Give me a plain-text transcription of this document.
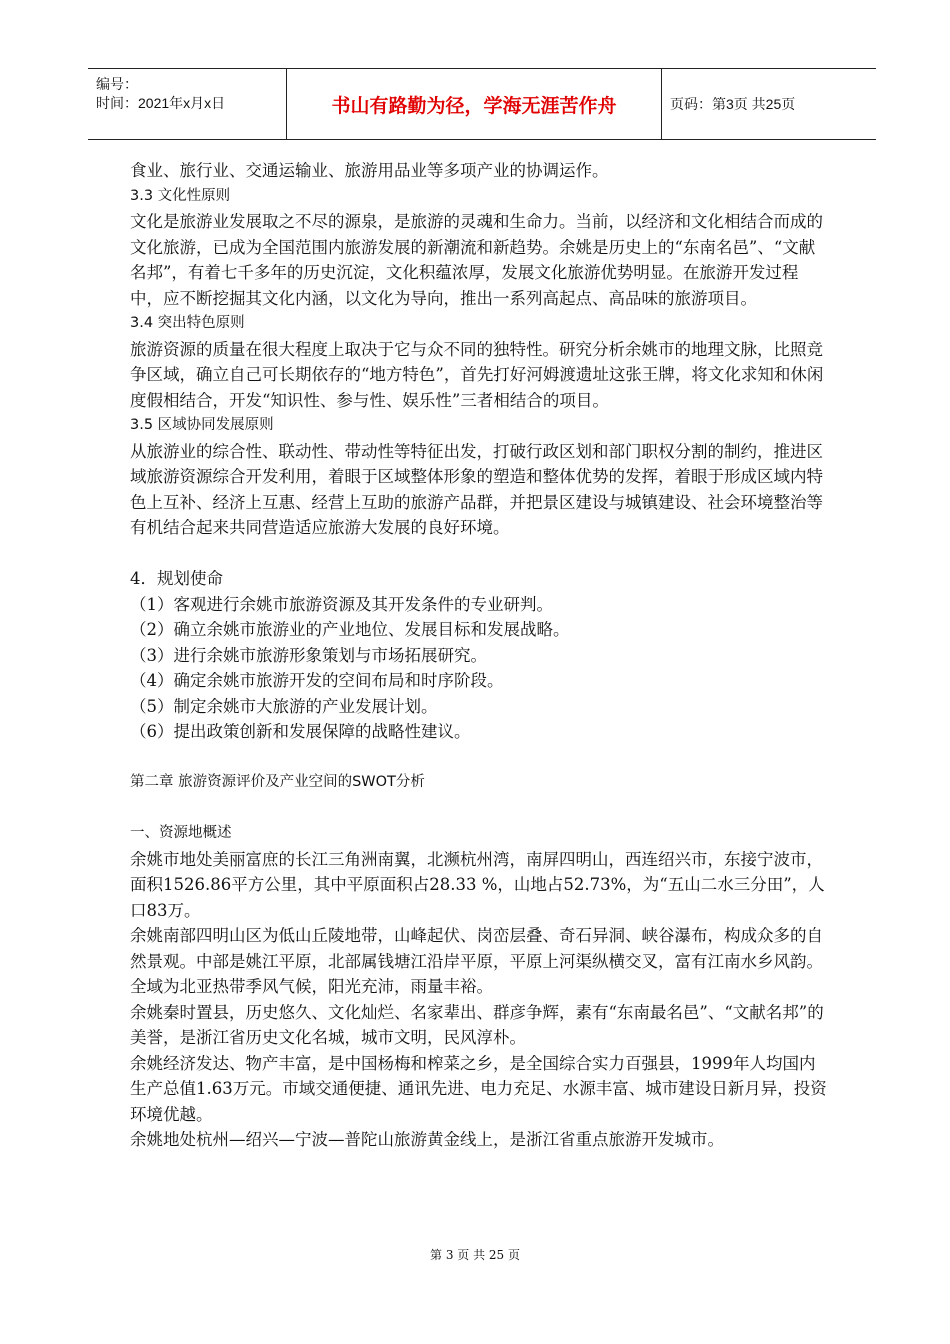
编号：
时间：2021年x月x日	书山有路勤为径，学海无涯苦作舟	页码：第3页 共25页

食业、旅行业、交通运输业、旅游用品业等多项产业的协调运作。

3.3 文化性原则

文化是旅游业发展取之不尽的源泉，是旅游的灵魂和生命力。当前，以经济和文化相结合而成的文化旅游，已成为全国范围内旅游发展的新潮流和新趋势。余姚是历史上的“东南名邑”、“文献名邦”，有着七千多年的历史沉淀，文化积蕴浓厚，发展文化旅游优势明显。在旅游开发过程中，应不断挖掘其文化内涵，以文化为导向，推出一系列高起点、高品味的旅游项目。

3.4 突出特色原则

旅游资源的质量在很大程度上取决于它与众不同的独特性。研究分析余姚市的地理文脉，比照竞争区域，确立自己可长期依存的“地方特色”，首先打好河姆渡遗址这张王牌，将文化求知和休闲度假相结合，开发“知识性、参与性、娱乐性”三者相结合的项目。

3.5 区域协同发展原则

从旅游业的综合性、联动性、带动性等特征出发，打破行政区划和部门职权分割的制约，推进区域旅游资源综合开发利用，着眼于区域整体形象的塑造和整体优势的发挥，着眼于形成区域内特色上互补、经济上互惠、经营上互助的旅游产品群，并把景区建设与城镇建设、社会环境整治等有机结合起来共同营造适应旅游大发展的良好环境。

4．规划使命

（1）客观进行余姚市旅游资源及其开发条件的专业研判。

（2）确立余姚市旅游业的产业地位、发展目标和发展战略。

（3）进行余姚市旅游形象策划与市场拓展研究。

（4）确定余姚市旅游开发的空间布局和时序阶段。

（5）制定余姚市大旅游的产业发展计划。

（6）提出政策创新和发展保障的战略性建议。

第二章 旅游资源评价及产业空间的SWOT分析

一、资源地概述

余姚市地处美丽富庶的长江三角洲南翼，北濒杭州湾，南屏四明山，西连绍兴市，东接宁波市，面积1526.86平方公里，其中平原面积占28.33 %，山地占52.73%，为“五山二水三分田”，人口83万。

余姚南部四明山区为低山丘陵地带，山峰起伏、岗峦层叠、奇石异洞、峡谷瀑布，构成众多的自然景观。中部是姚江平原，北部属钱塘江沿岸平原，平原上河渠纵横交叉，富有江南水乡风韵。全域为北亚热带季风气候，阳光充沛，雨量丰裕。

余姚秦时置县，历史悠久、文化灿烂、名家辈出、群彦争辉，素有“东南最名邑”、“文献名邦”的美誉，是浙江省历史文化名城，城市文明，民风淳朴。

余姚经济发达、物产丰富，是中国杨梅和榨菜之乡，是全国综合实力百强县，1999年人均国内生产总值1.63万元。市域交通便捷、通讯先进、电力充足、水源丰富、城市建设日新月异，投资环境优越。

余姚地处杭州—绍兴—宁波—普陀山旅游黄金线上，是浙江省重点旅游开发城市。

第 3 页 共 25 页
